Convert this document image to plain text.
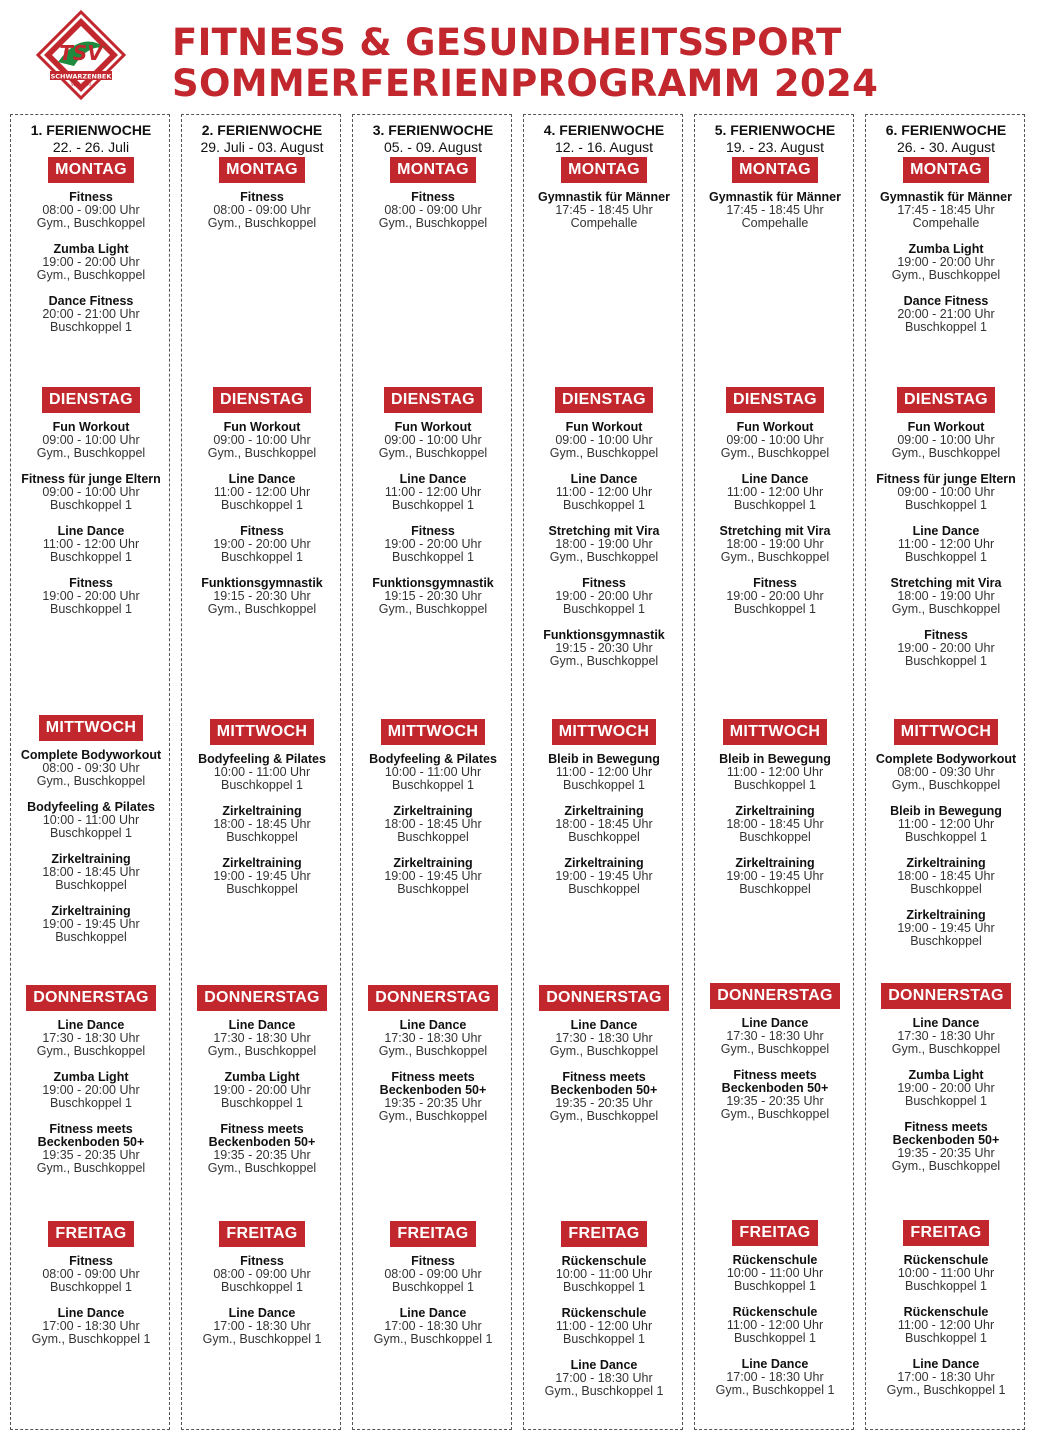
TSV
SCHWARZENBEK
SEIT 1890
FITNESS & GESUNDHEITSSPORT
SOMMERFERIENPROGRAMM 2024
1. FERIENWOCHE
22. - 26. Juli
MONTAG
Fitness
08:00 - 09:00 Uhr
Gym., Buschkoppel
Zumba Light
19:00 - 20:00 Uhr
Gym., Buschkoppel
Dance Fitness
20:00 - 21:00 Uhr
Buschkoppel 1
DIENSTAG
Fun Workout
09:00 - 10:00 Uhr
Gym., Buschkoppel
Fitness für junge Eltern
09:00 - 10:00 Uhr
Buschkoppel 1
Line Dance
11:00 - 12:00 Uhr
Buschkoppel 1
Fitness
19:00 - 20:00 Uhr
Buschkoppel 1
MITTWOCH
Complete Bodyworkout
08:00 - 09:30 Uhr
Gym., Buschkoppel
Bodyfeeling & Pilates
10:00 - 11:00 Uhr
Buschkoppel 1
Zirkeltraining
18:00 - 18:45 Uhr
Buschkoppel
Zirkeltraining
19:00 - 19:45 Uhr
Buschkoppel
DONNERSTAG
Line Dance
17:30 - 18:30 Uhr
Gym., Buschkoppel
Zumba Light
19:00 - 20:00 Uhr
Buschkoppel 1
Fitness meets Beckenboden 50+
19:35 - 20:35 Uhr
Gym., Buschkoppel
FREITAG
Fitness
08:00 - 09:00 Uhr
Buschkoppel 1
Line Dance
17:00 - 18:30 Uhr
Gym., Buschkoppel 1
2. FERIENWOCHE
29. Juli - 03. August
MONTAG
Fitness
08:00 - 09:00 Uhr
Gym., Buschkoppel
DIENSTAG
Fun Workout
09:00 - 10:00 Uhr
Gym., Buschkoppel
Line Dance
11:00 - 12:00 Uhr
Buschkoppel 1
Fitness
19:00 - 20:00 Uhr
Buschkoppel 1
Funktionsgymnastik
19:15 - 20:30 Uhr
Gym., Buschkoppel
MITTWOCH
Bodyfeeling & Pilates
10:00 - 11:00 Uhr
Buschkoppel 1
Zirkeltraining
18:00 - 18:45 Uhr
Buschkoppel
Zirkeltraining
19:00 - 19:45 Uhr
Buschkoppel
DONNERSTAG
Line Dance
17:30 - 18:30 Uhr
Gym., Buschkoppel
Zumba Light
19:00 - 20:00 Uhr
Buschkoppel 1
Fitness meets Beckenboden 50+
19:35 - 20:35 Uhr
Gym., Buschkoppel
FREITAG
Fitness
08:00 - 09:00 Uhr
Buschkoppel 1
Line Dance
17:00 - 18:30 Uhr
Gym., Buschkoppel 1
3. FERIENWOCHE
05. - 09. August
MONTAG
Fitness
08:00 - 09:00 Uhr
Gym., Buschkoppel
DIENSTAG
Fun Workout
09:00 - 10:00 Uhr
Gym., Buschkoppel
Line Dance
11:00 - 12:00 Uhr
Buschkoppel 1
Fitness
19:00 - 20:00 Uhr
Buschkoppel 1
Funktionsgymnastik
19:15 - 20:30 Uhr
Gym., Buschkoppel
MITTWOCH
Bodyfeeling & Pilates
10:00 - 11:00 Uhr
Buschkoppel 1
Zirkeltraining
18:00 - 18:45 Uhr
Buschkoppel
Zirkeltraining
19:00 - 19:45 Uhr
Buschkoppel
DONNERSTAG
Line Dance
17:30 - 18:30 Uhr
Gym., Buschkoppel
Fitness meets Beckenboden 50+
19:35 - 20:35 Uhr
Gym., Buschkoppel
FREITAG
Fitness
08:00 - 09:00 Uhr
Buschkoppel 1
Line Dance
17:00 - 18:30 Uhr
Gym., Buschkoppel 1
4. FERIENWOCHE
12. - 16. August
MONTAG
Gymnastik für Männer
17:45 - 18:45 Uhr
Compehalle
DIENSTAG
Fun Workout
09:00 - 10:00 Uhr
Gym., Buschkoppel
Line Dance
11:00 - 12:00 Uhr
Buschkoppel 1
Stretching mit Vira
18:00 - 19:00 Uhr
Gym., Buschkoppel
Fitness
19:00 - 20:00 Uhr
Buschkoppel 1
Funktionsgymnastik
19:15 - 20:30 Uhr
Gym., Buschkoppel
MITTWOCH
Bleib in Bewegung
11:00 - 12:00 Uhr
Buschkoppel 1
Zirkeltraining
18:00 - 18:45 Uhr
Buschkoppel
Zirkeltraining
19:00 - 19:45 Uhr
Buschkoppel
DONNERSTAG
Line Dance
17:30 - 18:30 Uhr
Gym., Buschkoppel
Fitness meets Beckenboden 50+
19:35 - 20:35 Uhr
Gym., Buschkoppel
FREITAG
Rückenschule
10:00 - 11:00 Uhr
Buschkoppel 1
Rückenschule
11:00 - 12:00 Uhr
Buschkoppel 1
Line Dance
17:00 - 18:30 Uhr
Gym., Buschkoppel 1
5. FERIENWOCHE
19. - 23. August
MONTAG
Gymnastik für Männer
17:45 - 18:45 Uhr
Compehalle
DIENSTAG
Fun Workout
09:00 - 10:00 Uhr
Gym., Buschkoppel
Line Dance
11:00 - 12:00 Uhr
Buschkoppel 1
Stretching mit Vira
18:00 - 19:00 Uhr
Gym., Buschkoppel
Fitness
19:00 - 20:00 Uhr
Buschkoppel 1
MITTWOCH
Bleib in Bewegung
11:00 - 12:00 Uhr
Buschkoppel 1
Zirkeltraining
18:00 - 18:45 Uhr
Buschkoppel
Zirkeltraining
19:00 - 19:45 Uhr
Buschkoppel
DONNERSTAG
Line Dance
17:30 - 18:30 Uhr
Gym., Buschkoppel
Fitness meets Beckenboden 50+
19:35 - 20:35 Uhr
Gym., Buschkoppel
FREITAG
Rückenschule
10:00 - 11:00 Uhr
Buschkoppel 1
Rückenschule
11:00 - 12:00 Uhr
Buschkoppel 1
Line Dance
17:00 - 18:30 Uhr
Gym., Buschkoppel 1
6. FERIENWOCHE
26. - 30. August
MONTAG
Gymnastik für Männer
17:45 - 18:45 Uhr
Compehalle
Zumba Light
19:00 - 20:00 Uhr
Gym., Buschkoppel
Dance Fitness
20:00 - 21:00 Uhr
Buschkoppel 1
DIENSTAG
Fun Workout
09:00 - 10:00 Uhr
Gym., Buschkoppel
Fitness für junge Eltern
09:00 - 10:00 Uhr
Buschkoppel 1
Line Dance
11:00 - 12:00 Uhr
Buschkoppel 1
Stretching mit Vira
18:00 - 19:00 Uhr
Gym., Buschkoppel
Fitness
19:00 - 20:00 Uhr
Buschkoppel 1
MITTWOCH
Complete Bodyworkout
08:00 - 09:30 Uhr
Gym., Buschkoppel
Bleib in Bewegung
11:00 - 12:00 Uhr
Buschkoppel 1
Zirkeltraining
18:00 - 18:45 Uhr
Buschkoppel
Zirkeltraining
19:00 - 19:45 Uhr
Buschkoppel
DONNERSTAG
Line Dance
17:30 - 18:30 Uhr
Gym., Buschkoppel
Zumba Light
19:00 - 20:00 Uhr
Buschkoppel 1
Fitness meets Beckenboden 50+
19:35 - 20:35 Uhr
Gym., Buschkoppel
FREITAG
Rückenschule
10:00 - 11:00 Uhr
Buschkoppel 1
Rückenschule
11:00 - 12:00 Uhr
Buschkoppel 1
Line Dance
17:00 - 18:30 Uhr
Gym., Buschkoppel 1
